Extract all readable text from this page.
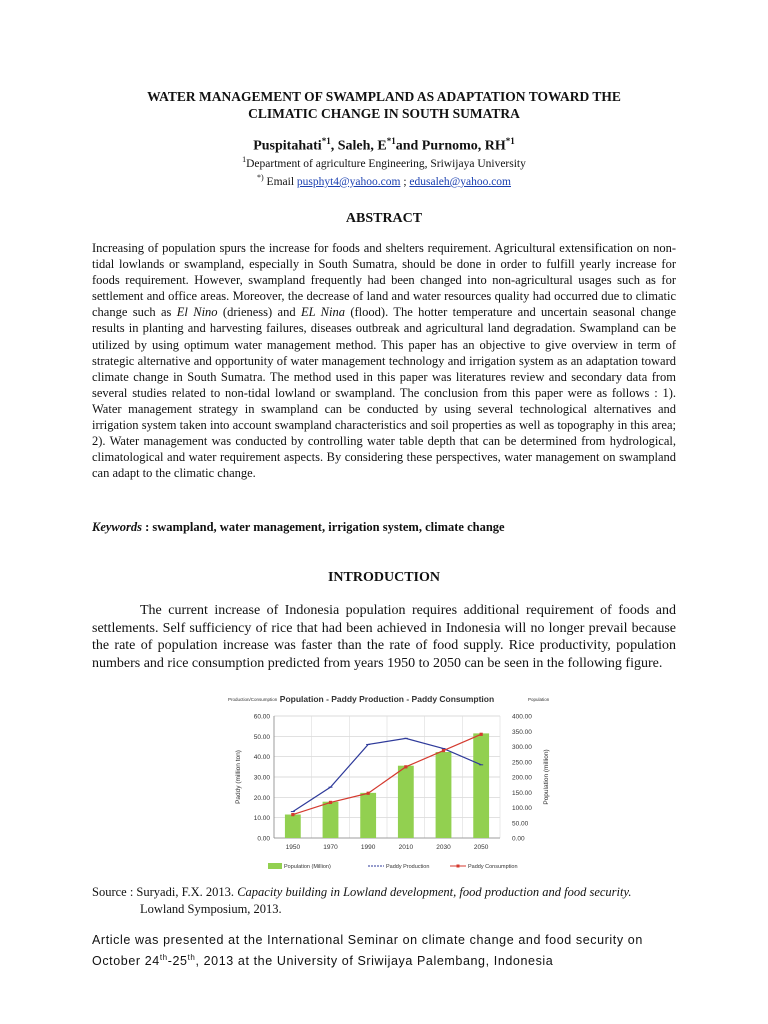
WATER MANAGEMENT OF SWAMPLAND AS ADAPTATION TOWARD THE
CLIMATIC CHANGE IN SOUTH SUMATRA
Puspitahati$^{*1}$, Saleh, $E^{*1}and$ Purnomo, RH$^{*1}$
$^1$Department of agriculture Engineering, Sriwijaya University
*) Email pusphyt4@yahoo.com ; edusaleh@yahoo.com
ABSTRACT
Increasing of population spurs the increase for foods and shelters requirement. Agricultural extensification on non-tidal lowlands or swampland, especially in South Sumatra, should be done in order to fulfill yearly increase for foods requirement. However, swampland frequently had been changed into non-agricultural usages such as for settlement and office areas. Moreover, the decrease of land and water resources quality had occurred due to climatic change such as El Nino (drieness) and EL Nina (flood). The hotter temperature and uncertain seasonal change results in planting and harvesting failures, diseases outbreak and agricultural land degradation. Swampland can be utilized by using optimum water management method. This paper has an objective to give overview in term of strategic alternative and opportunity of water management technology and irrigation system as an adaptation toward climate change in South Sumatra. The method used in this paper was literatures review and secondary data from several studies related to non-tidal lowland or swampland. The conclusion from this paper were as follows : 1). Water management strategy in swampland can be conducted by using several technological alternatives and irrigation system taken into account swampland characteristics and soil properties as well as topography in this area; 2). Water management was conducted by controlling water table depth that can be determined from hydrological, climatological and water requirement aspects. By considering these perspectives, water management on swampland can adapt to the climatic change.
Keywords : swampland, water management, irrigation system, climate change
INTRODUCTION
The current increase of Indonesia population requires additional requirement of foods and settlements. Self sufficiency of rice that had been achieved in Indonesia will no longer prevail because the rate of population increase was faster than the rate of food supply. Rice productivity, population numbers and rice consumption predicted from years 1950 to 2050 can be seen in the following figure.
Production/Consumption	Population
Population - Paddy Production - Paddy Consumption
0.00
10.00
20.00
30.00
40.00
50.00
60.00
0.00
50.00
100.00
150.00
200.00
250.00
300.00
350.00
400.00
Paddy (million ton)	Population (million)
1950	1970	1990	2010	2030	2050
Population (Million)	Paddy Production	Paddy Consumption
Source : Suryadi, F.X. 2013. Capacity building in Lowland development, food production and food security.
Lowland Symposium, 2013.
Article was presented at the International Seminar on climate change and food security on October 24th-25th, 2013 at the University of Sriwijaya Palembang, Indonesia
